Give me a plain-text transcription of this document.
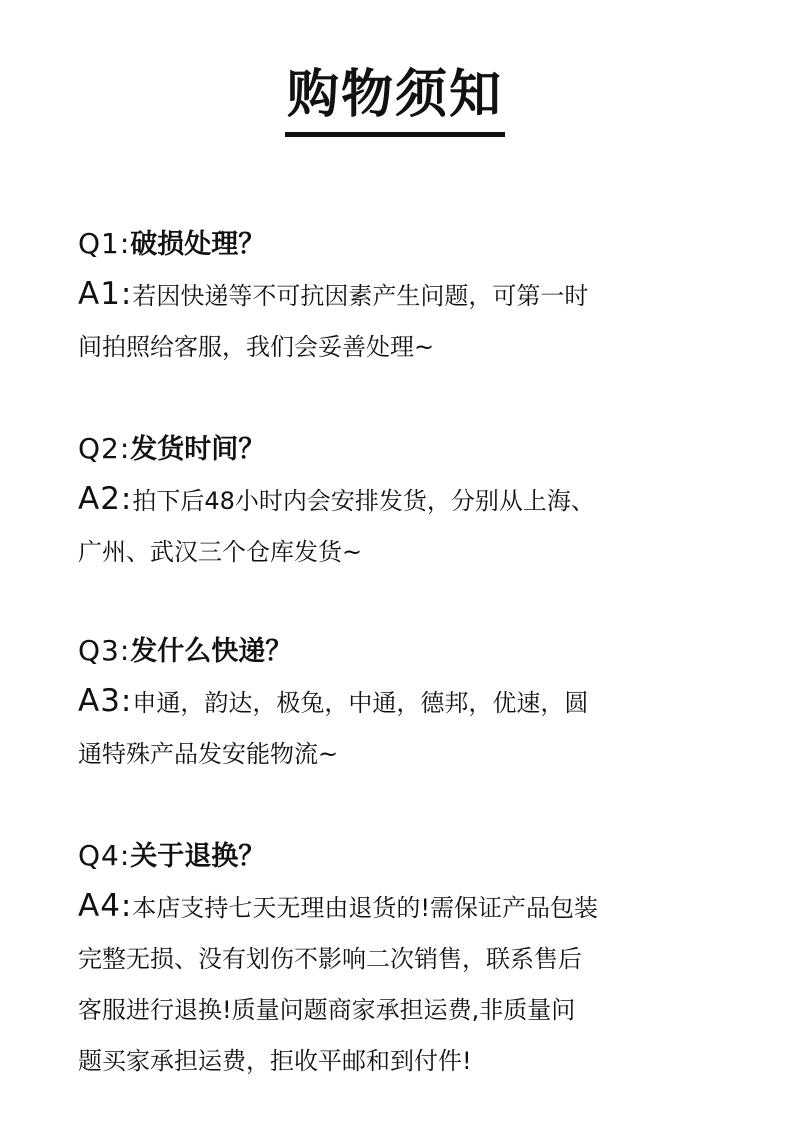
购物须知
Q1:破损处理？
A1:若因快递等不可抗因素产生问题，可第一时
间拍照给客服，我们会妥善处理~
Q2:发货时间？
A2:拍下后48小时内会安排发货，分别从上海、
广州、武汉三个仓库发货~
Q3:发什么快递？
A3:申通，韵达，极兔，中通，德邦，优速，圆
通特殊产品发安能物流~
Q4:关于退换？
A4:本店支持七天无理由退货的!需保证产品包装
完整无损、没有划伤不影响二次销售，联系售后
客服进行退换!质量问题商家承担运费,非质量问
题买家承担运费，拒收平邮和到付件!
